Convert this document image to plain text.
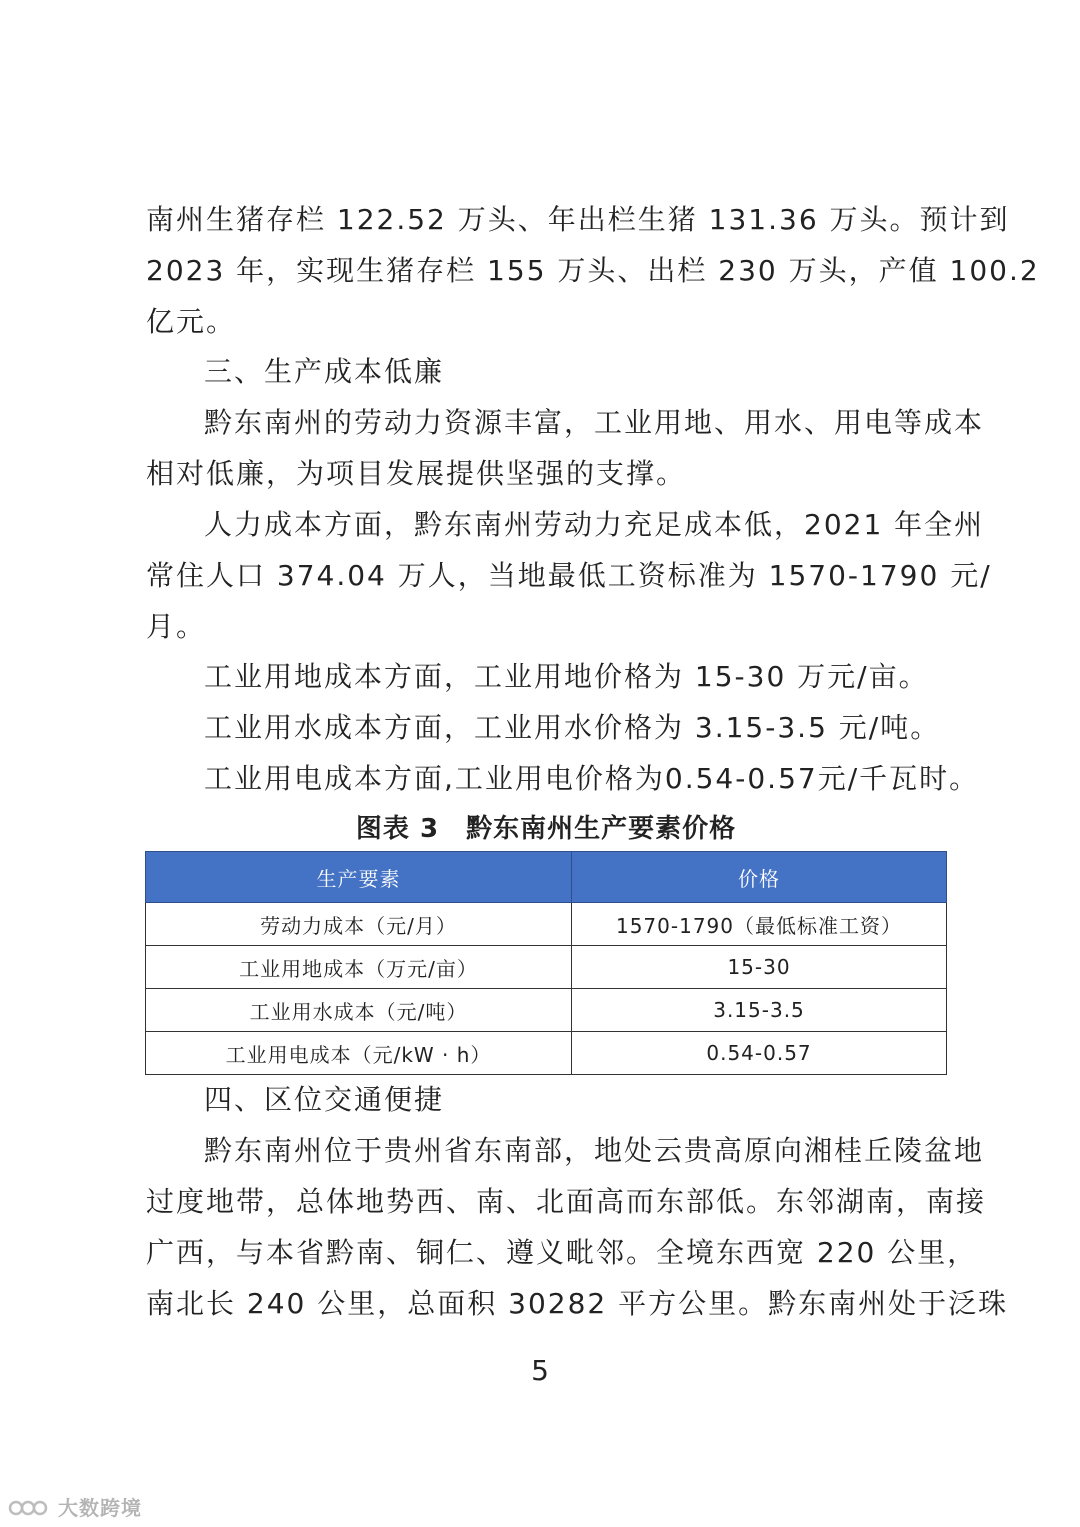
南州生猪存栏 122.52 万头、年出栏生猪 131.36 万头。预计到
2023 年，实现生猪存栏 155 万头、出栏 230 万头，产值 100.2
亿元。
三、生产成本低廉
黔东南州的劳动力资源丰富，工业用地、用水、用电等成本
相对低廉，为项目发展提供坚强的支撑。
人力成本方面，黔东南州劳动力充足成本低，2021 年全州
常住人口 374.04 万人，当地最低工资标准为 1570-1790 元/
月。
工业用地成本方面，工业用地价格为 15-30 万元/亩。
工业用水成本方面，工业用水价格为 3.15-3.5 元/吨。
工业用电成本方面,工业用电价格为0.54-0.57元/千瓦时。
图表 3　黔东南州生产要素价格
生产要素	价格
劳动力成本（元/月）	1570-1790（最低标准工资）
工业用地成本（万元/亩）	15-30
工业用水成本（元/吨）	3.15-3.5
工业用电成本（元/kW · h）	0.54-0.57
四、区位交通便捷
黔东南州位于贵州省东南部，地处云贵高原向湘桂丘陵盆地
过度地带，总体地势西、南、北面高而东部低。东邻湖南，南接
广西，与本省黔南、铜仁、遵义毗邻。全境东西宽 220 公里，
南北长 240 公里，总面积 30282 平方公里。黔东南州处于泛珠
5
大数跨境
